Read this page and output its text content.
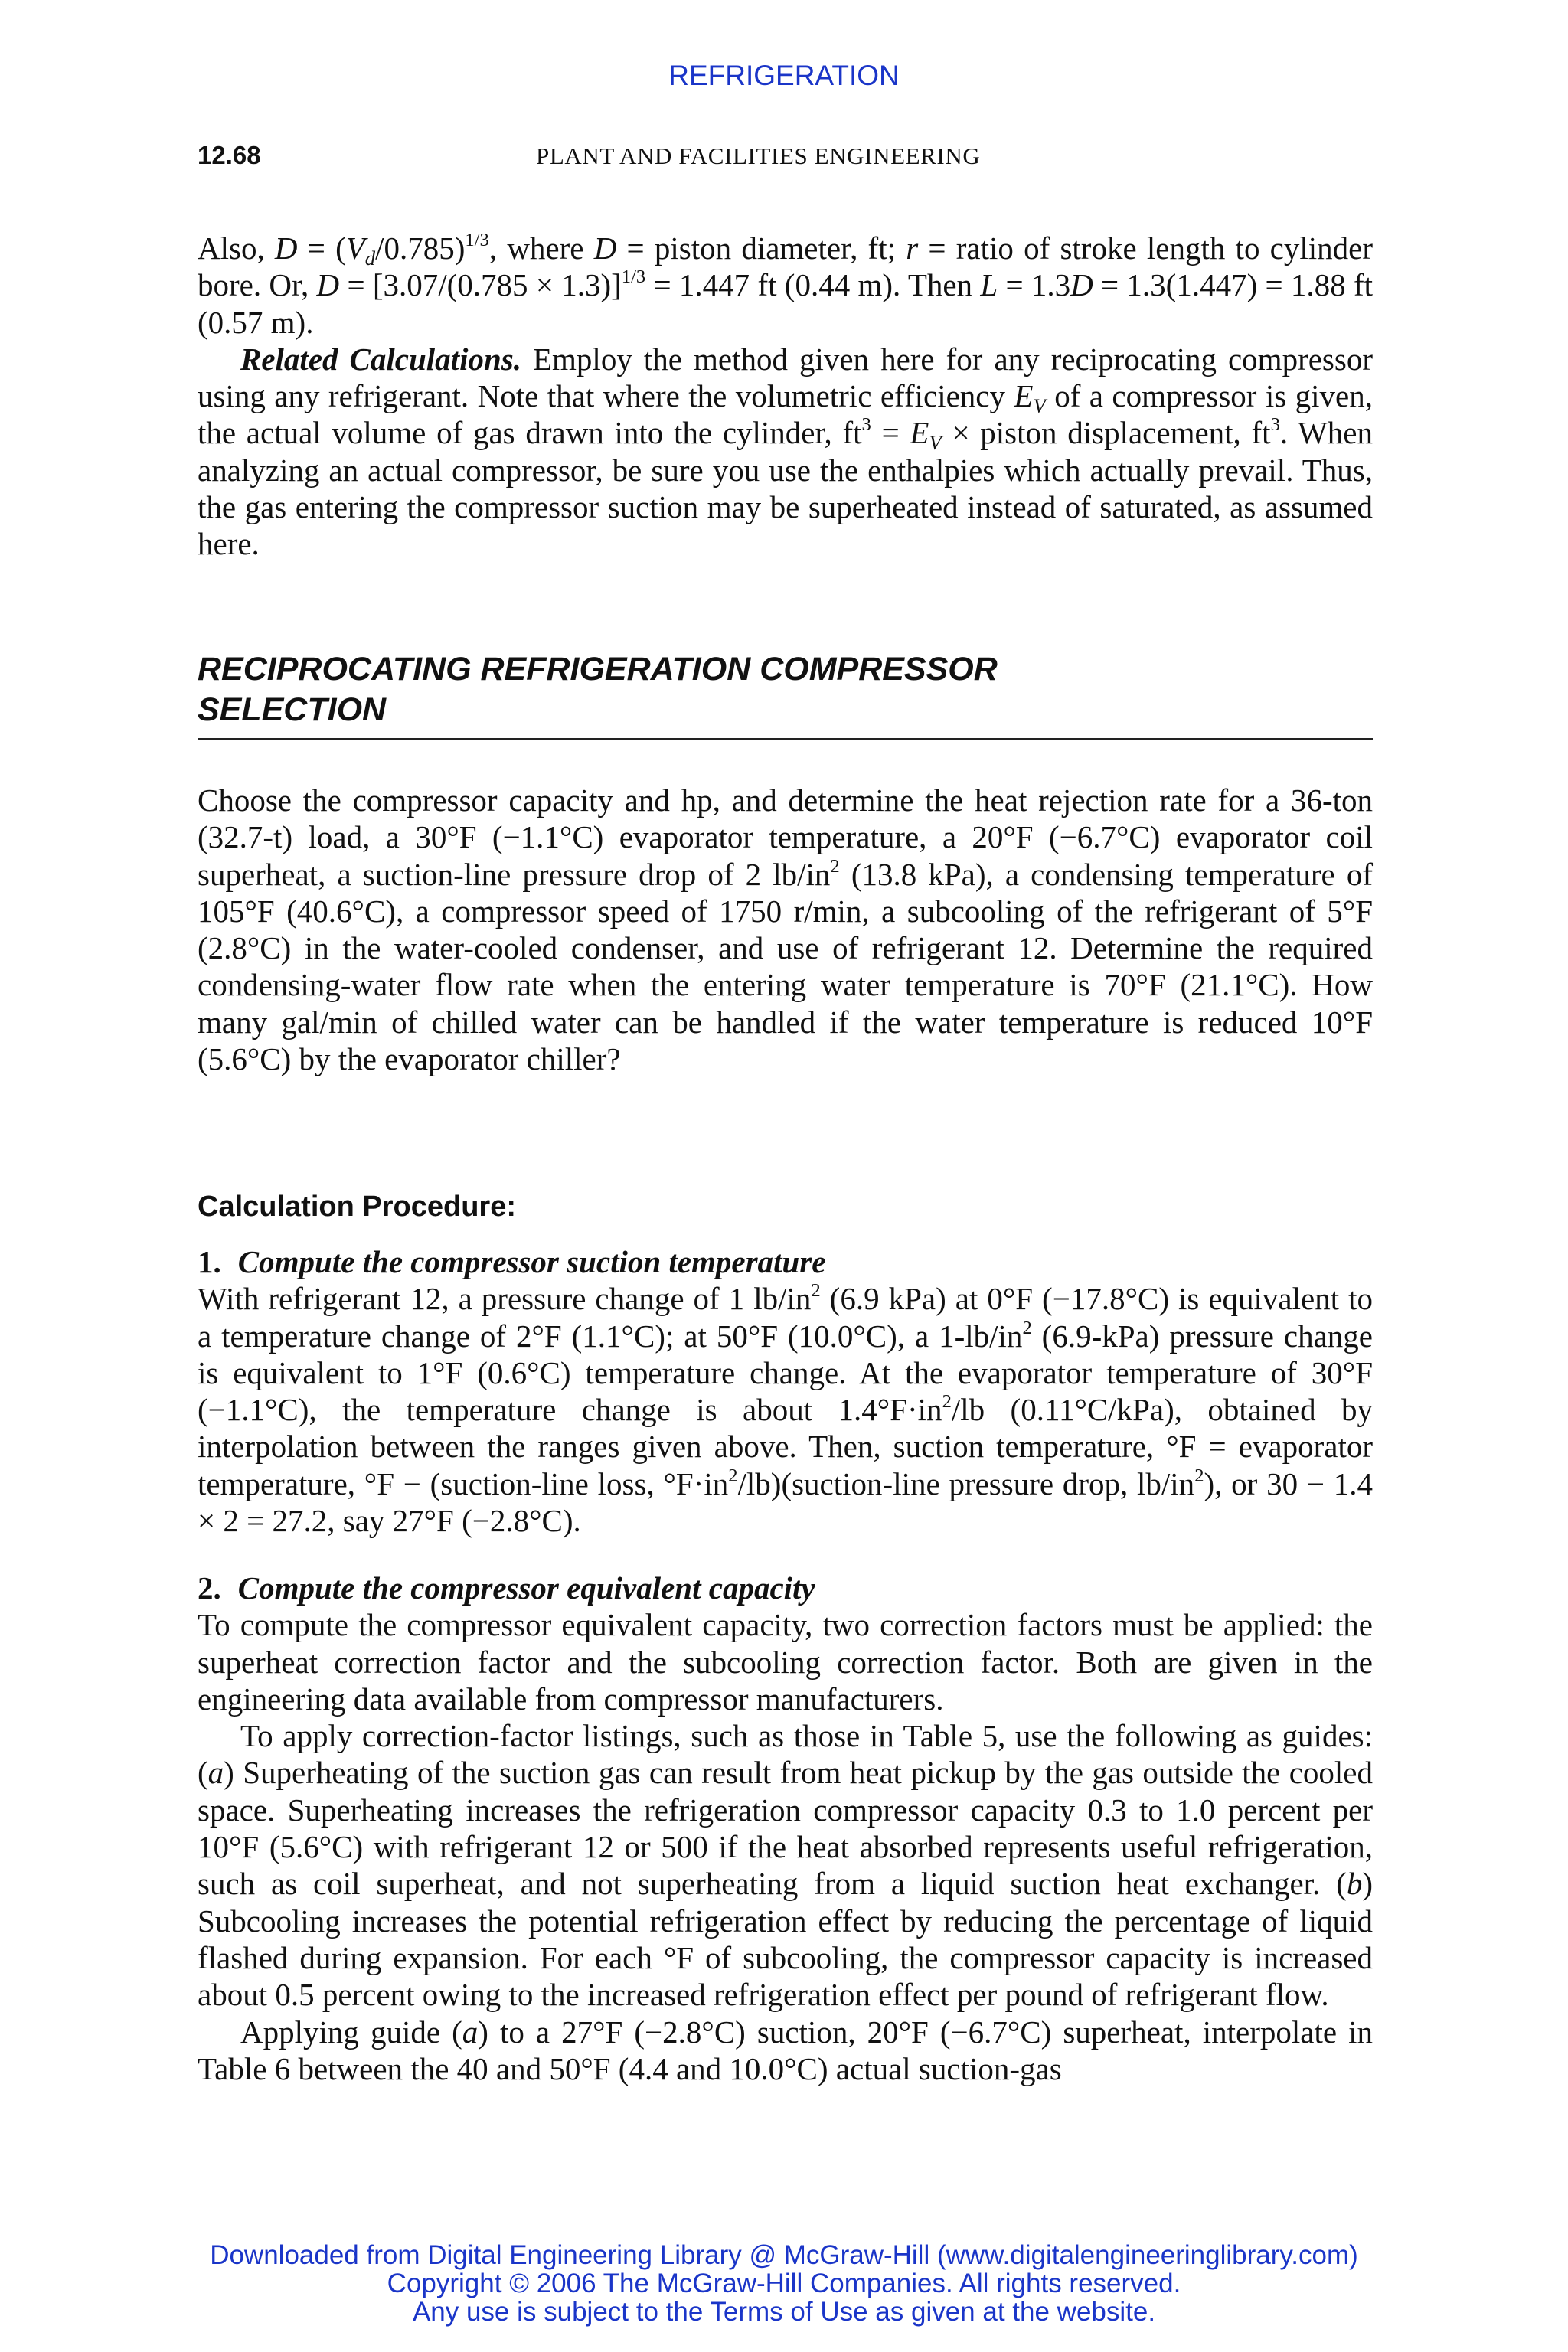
REFRIGERATION
12.68	PLANT AND FACILITIES ENGINEERING

Also, $D = (V_d/0.785)^{1/3}$, where D = piston diameter, ft; r = ratio of stroke length to cylinder bore. Or, $D = [3.07/(0.785 \times 1.3)]^{1/3} = 1.447$ ft (0.44 m). Then L = 1.3D = 1.3(1.447) = 1.88 ft (0.57 m).

Related Calculations. Employ the method given here for any reciprocating compressor using any refrigerant. Note that where the volumetric efficiency $E_V$ of a compressor is given, the actual volume of gas drawn into the cylinder, $ft^3 = E_V$ × piston displacement, $ft^3$. When analyzing an actual compressor, be sure you use the enthalpies which actually prevail. Thus, the gas entering the compressor suction may be superheated instead of saturated, as assumed here.

RECIPROCATING REFRIGERATION COMPRESSOR
SELECTION

Choose the compressor capacity and hp, and determine the heat rejection rate for a 36-ton (32.7-t) load, a 30°F (−1.1°C) evaporator temperature, a 20°F (−6.7°C) evaporator coil superheat, a suction-line pressure drop of 2 $lb/in^2$ (13.8 kPa), a condensing temperature of 105°F (40.6°C), a compressor speed of 1750 r/min, a subcooling of the refrigerant of 5°F (2.8°C) in the water-cooled condenser, and use of refrigerant 12. Determine the required condensing-water flow rate when the entering water temperature is 70°F (21.1°C). How many gal/min of chilled water can be handled if the water temperature is reduced 10°F (5.6°C) by the evaporator chiller?

Calculation Procedure:

1. Compute the compressor suction temperature

With refrigerant 12, a pressure change of 1 $lb/in^2$ (6.9 kPa) at 0°F (−17.8°C) is equivalent to a temperature change of 2°F (1.1°C); at 50°F (10.0°C), a $1-lb/in^2$ (6.9-kPa) pressure change is equivalent to 1°F (0.6°C) temperature change. At the evaporator temperature of 30°F (−1.1°C), the temperature change is about $1.4^\circ F\cdot in^2/lb$ (0.11°C/kPa), obtained by interpolation between the ranges given above. Then, suction temperature, °F = evaporator temperature, °F − (suction-line loss, $^\circ F\cdot in^2/lb)(suction$-line pressure drop, $lb/in^2$), or 30 − 1.4 × 2 = 27.2, say 27°F (−2.8°C).

2. Compute the compressor equivalent capacity

To compute the compressor equivalent capacity, two correction factors must be applied: the superheat correction factor and the subcooling correction factor. Both are given in the engineering data available from compressor manufacturers.

To apply correction-factor listings, such as those in Table 5, use the following as guides: (a) Superheating of the suction gas can result from heat pickup by the gas outside the cooled space. Superheating increases the refrigeration compressor capacity 0.3 to 1.0 percent per 10°F (5.6°C) with refrigerant 12 or 500 if the heat absorbed represents useful refrigeration, such as coil superheat, and not superheating from a liquid suction heat exchanger. (b) Subcooling increases the potential refrigeration effect by reducing the percentage of liquid flashed during expansion. For each °F of subcooling, the compressor capacity is increased about 0.5 percent owing to the increased refrigeration effect per pound of refrigerant flow.

Applying guide (a) to a 27°F (−2.8°C) suction, 20°F (−6.7°C) superheat, interpolate in Table 6 between the 40 and 50°F (4.4 and 10.0°C) actual suction-gas

Downloaded from Digital Engineering Library @ McGraw-Hill (www.digitalengineeringlibrary.com)
Copyright © 2006 The McGraw-Hill Companies. All rights reserved.
Any use is subject to the Terms of Use as given at the website.
